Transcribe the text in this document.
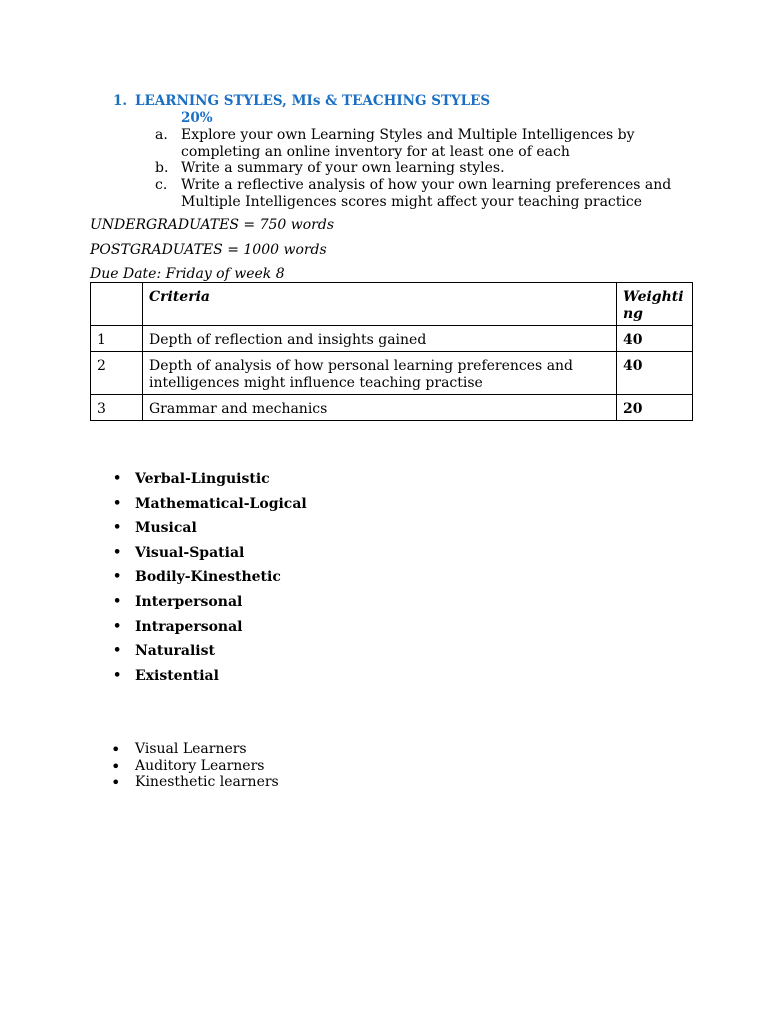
1. LEARNING STYLES, MIs & TEACHING STYLES
20%
a. Explore your own Learning Styles and Multiple Intelligences by
completing an online inventory for at least one of each
b. Write a summary of your own learning styles.
c. Write a reflective analysis of how your own learning preferences and
Multiple Intelligences scores might affect your teaching practice
UNDERGRADUATES = 750 words
POSTGRADUATES = 1000 words
Due Date: Friday of week 8
	Criteria	Weighti ng
1	Depth of reflection and insights gained	40
2	Depth of analysis of how personal learning preferences and intelligences might influence teaching practise	40
3	Grammar and mechanics	20
• Verbal-Linguistic
• Mathematical-Logical
• Musical
• Visual-Spatial
• Bodily-Kinesthetic
• Interpersonal
• Intrapersonal
• Naturalist
• Existential
• Visual Learners
• Auditory Learners
• Kinesthetic learners
